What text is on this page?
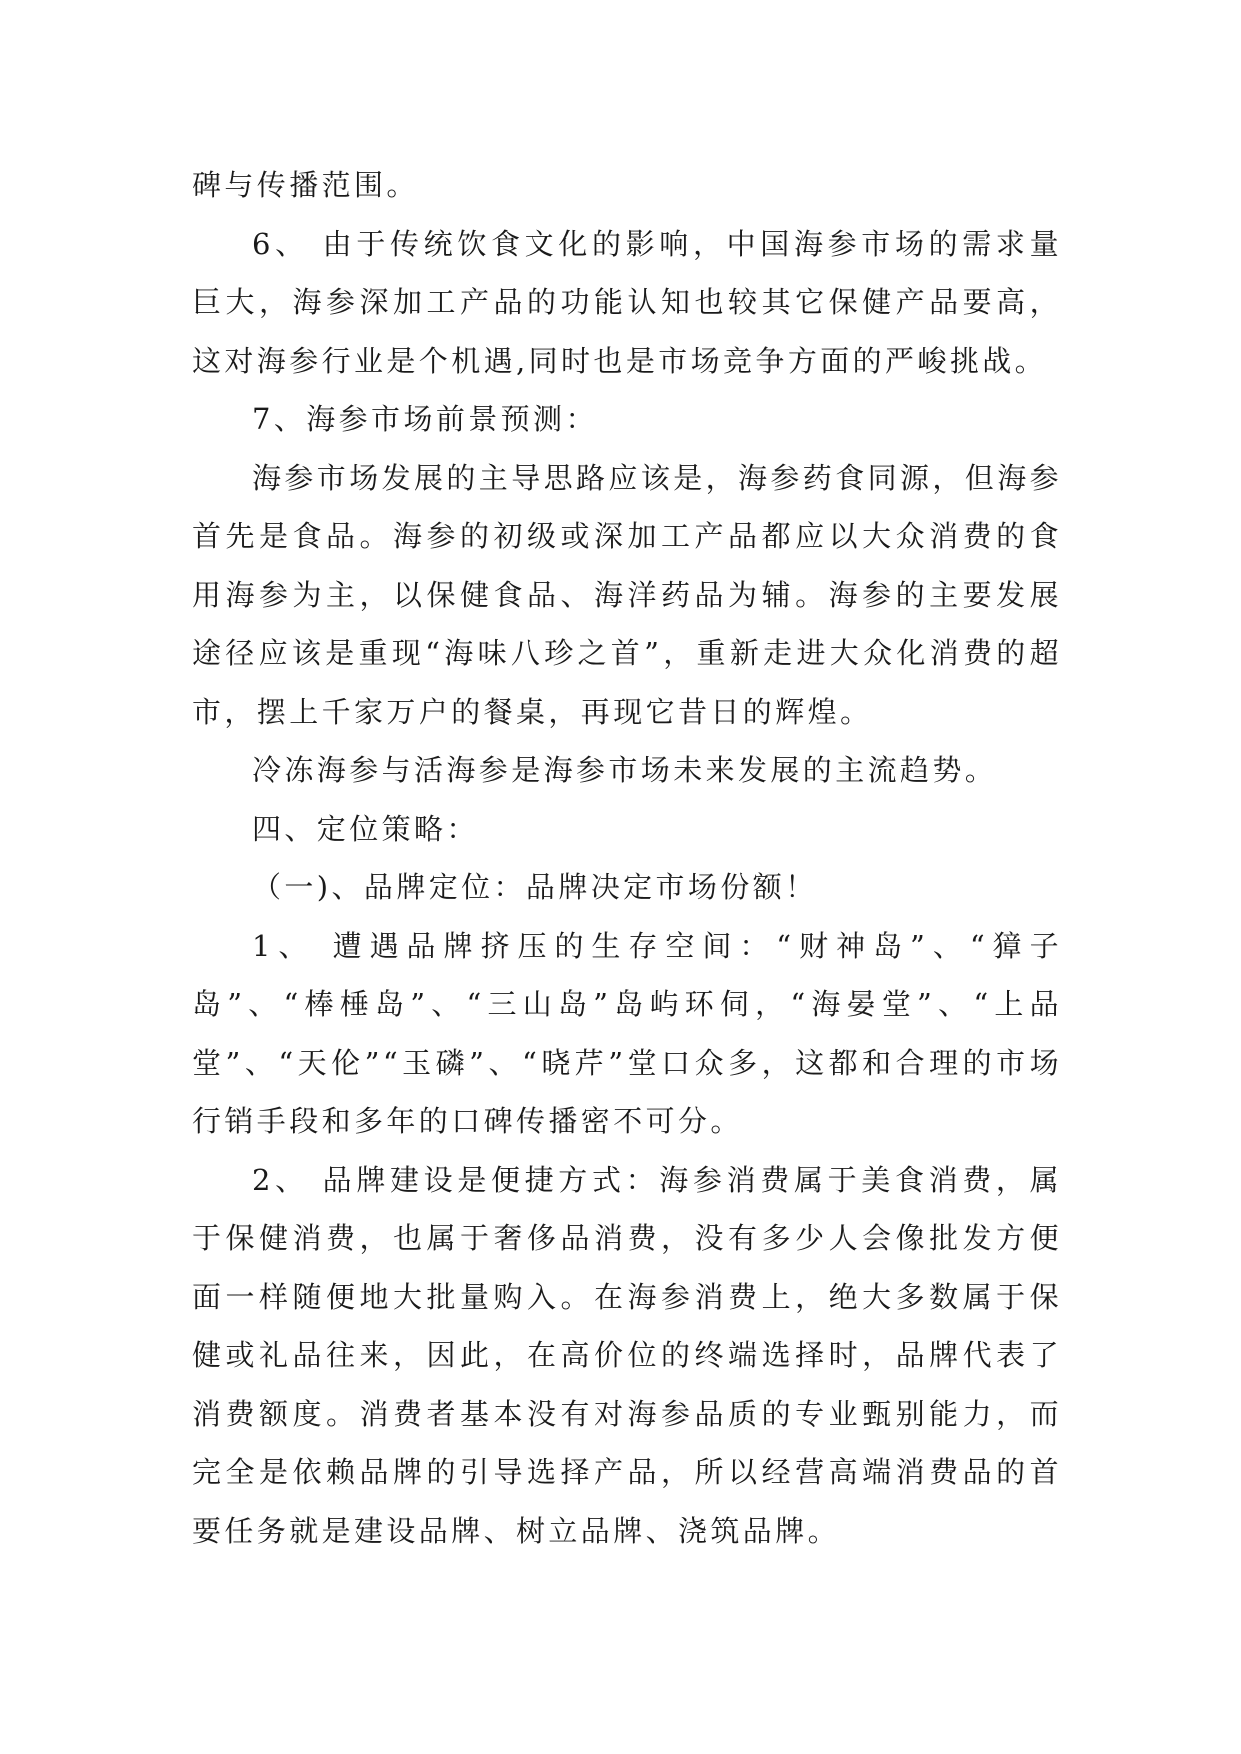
碑与传播范围。

6、 由于传统饮食文化的影响，中国海参市场的需求量巨大，海参深加工产品的功能认知也较其它保健产品要高，这对海参行业是个机遇,同时也是市场竞争方面的严峻挑战。

7、海参市场前景预测：

海参市场发展的主导思路应该是，海参药食同源，但海参首先是食品。海参的初级或深加工产品都应以大众消费的食用海参为主，以保健食品、海洋药品为辅。海参的主要发展途径应该是重现“海味八珍之首”，重新走进大众化消费的超市，摆上千家万户的餐桌，再现它昔日的辉煌。

冷冻海参与活海参是海参市场未来发展的主流趋势。

四、定位策略：

（一)、品牌定位：品牌决定市场份额！

1、 遭遇品牌挤压的生存空间：“财神岛”、“獐子岛”、“棒棰岛”、“三山岛”岛屿环伺，“海晏堂”、“上品堂”、“天伦”“玉磷”、“晓芹”堂口众多，这都和合理的市场行销手段和多年的口碑传播密不可分。

2、 品牌建设是便捷方式：海参消费属于美食消费，属于保健消费，也属于奢侈品消费，没有多少人会像批发方便面一样随便地大批量购入。在海参消费上，绝大多数属于保健或礼品往来，因此，在高价位的终端选择时，品牌代表了消费额度。消费者基本没有对海参品质的专业甄别能力，而完全是依赖品牌的引导选择产品，所以经营高端消费品的首要任务就是建设品牌、树立品牌、浇筑品牌。
